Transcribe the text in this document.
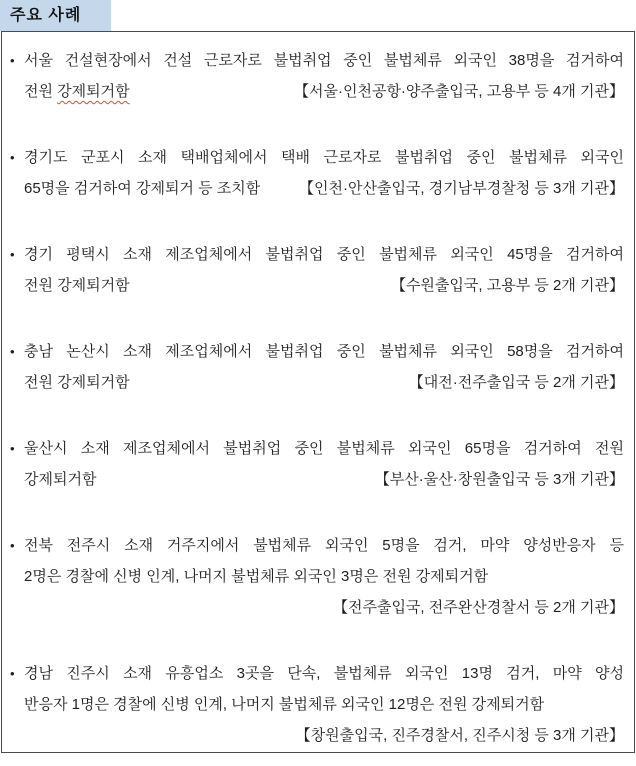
주요 사례
• 서울 건설현장에서 건설 근로자로 불법취업 중인 불법체류 외국인 38명을 검거하여
전원 강제퇴거함	【서울·인천공항·양주출입국, 고용부 등 4개 기관】
• 경기도 군포시 소재 택배업체에서 택배 근로자로 불법취업 중인 불법체류 외국인
65명을 검거하여 강제퇴거 등 조치함	【인천·안산출입국, 경기남부경찰청 등 3개 기관】
• 경기 평택시 소재 제조업체에서 불법취업 중인 불법체류 외국인 45명을 검거하여
전원 강제퇴거함	【수원출입국, 고용부 등 2개 기관】
• 충남 논산시 소재 제조업체에서 불법취업 중인 불법체류 외국인 58명을 검거하여
전원 강제퇴거함	【대전·전주출입국 등 2개 기관】
• 울산시 소재 제조업체에서 불법취업 중인 불법체류 외국인 65명을 검거하여 전원
강제퇴거함	【부산·울산·창원출입국 등 3개 기관】
• 전북 전주시 소재 거주지에서 불법체류 외국인 5명을 검거, 마약 양성반응자 등
2명은 경찰에 신병 인계, 나머지 불법체류 외국인 3명은 전원 강제퇴거함
【전주출입국, 전주완산경찰서 등 2개 기관】
• 경남 진주시 소재 유흥업소 3곳을 단속, 불법체류 외국인 13명 검거, 마약 양성
반응자 1명은 경찰에 신병 인계, 나머지 불법체류 외국인 12명은 전원 강제퇴거함
【창원출입국, 진주경찰서, 진주시청 등 3개 기관】
